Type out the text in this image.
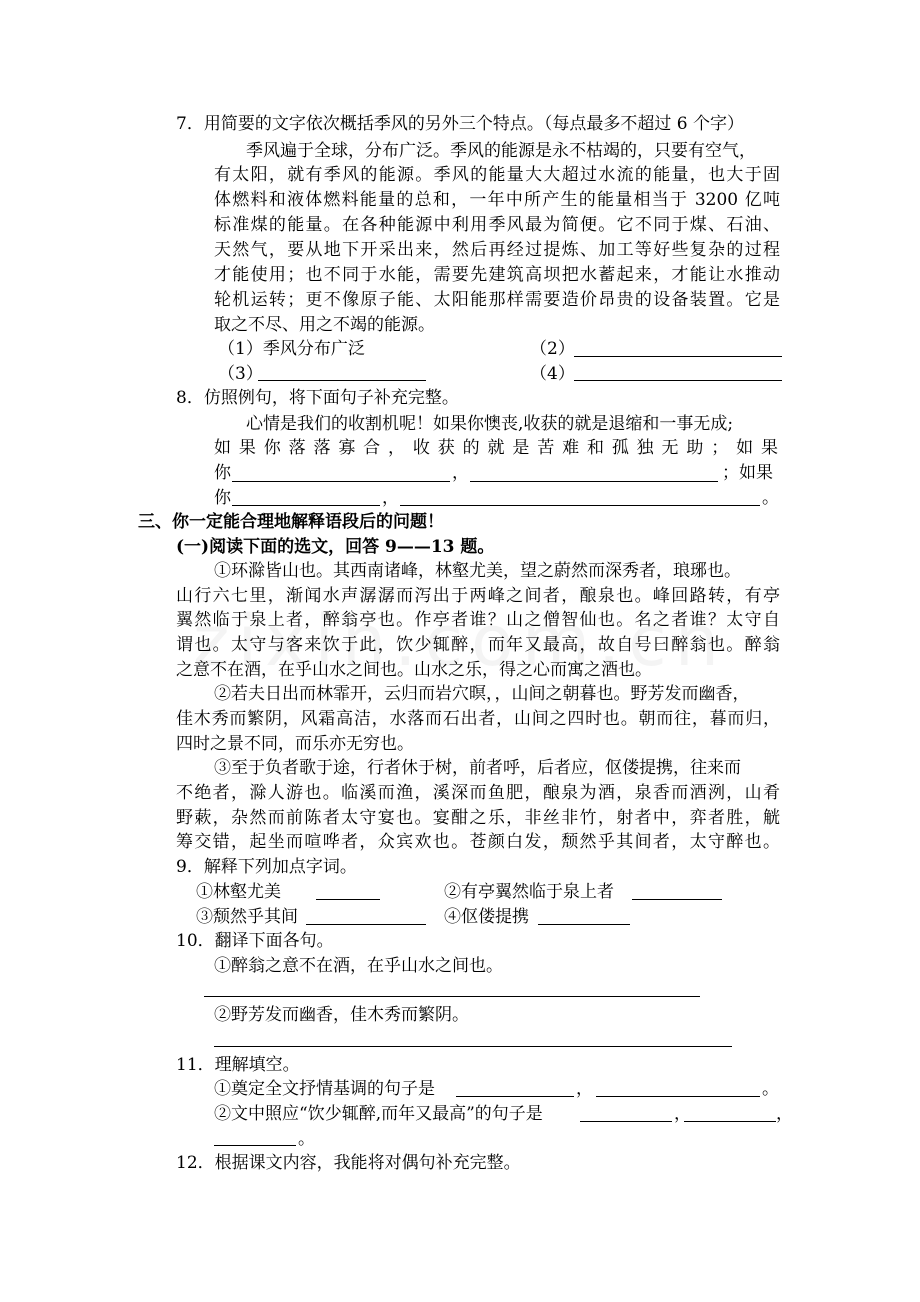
7．用简要的文字依次概括季风的另外三个特点。（每点最多不超过 6 个字）
季风遍于全球，分布广泛。季风的能源是永不枯竭的，只要有空气，
有太阳，就有季风的能源。季风的能量大大超过水流的能量，也大于固
体燃料和液体燃料能量的总和，一年中所产生的能量相当于 3200 亿吨
标准煤的能量。在各种能源中利用季风最为简便。它不同于煤、石油、
天然气，要从地下开采出来，然后再经过提炼、加工等好些复杂的过程
才能使用；也不同于水能，需要先建筑高坝把水蓄起来，才能让水推动
轮机运转；更不像原子能、太阳能那样需要造价昂贵的设备装置。它是
取之不尽、用之不竭的能源。
（1）季风分布广泛	（2）
（3）	（4）
8．仿照例句，将下面句子补充完整。
心情是我们的收割机呢！如果你懊丧,收获的就是退缩和一事无成;
如果你落落寡合，收获的就是苦难和孤独无助；如果
你	，	；如果
你	，	。
三、你一定能合理地解释语段后的问题！
(一)阅读下面的选文，回答 9——13 题。
①环滁皆山也。其西南诸峰，林壑尤美，望之蔚然而深秀者，琅琊也。
山行六七里，渐闻水声潺潺而泻出于两峰之间者，酿泉也。峰回路转，有亭
翼然临于泉上者，醉翁亭也。作亭者谁？山之僧智仙也。名之者谁？太守自
谓也。太守与客来饮于此，饮少辄醉，而年又最高，故自号曰醉翁也。醉翁
之意不在酒，在乎山水之间也。山水之乐，得之心而寓之酒也。
②若夫日出而林霏开，云归而岩穴暝，，山间之朝暮也。野芳发而幽香，
佳木秀而繁阴，风霜高洁，水落而石出者，山间之四时也。朝而往，暮而归，
四时之景不同，而乐亦无穷也。
③至于负者歌于途，行者休于树，前者呼，后者应，伛偻提携，往来而
不绝者，滁人游也。临溪而渔，溪深而鱼肥，酿泉为酒，泉香而酒洌，山肴
野蔌，杂然而前陈者太守宴也。宴酣之乐，非丝非竹，射者中，弈者胜，觥
筹交错，起坐而喧哗者，众宾欢也。苍颜白发，颓然乎其间者，太守醉也。
9．解释下列加点字词。
①林壑尤美	②有亭翼然临于泉上者
③颓然乎其间	④伛偻提携
10．翻译下面各句。
①醉翁之意不在酒，在乎山水之间也。
②野芳发而幽香，佳木秀而繁阴。
11．理解填空。
①奠定全文抒情基调的句子是	，	。
②文中照应“饮少辄醉,而年又最高”的句子是	，	，
。
12．根据课文内容，我能将对偶句补充完整。
